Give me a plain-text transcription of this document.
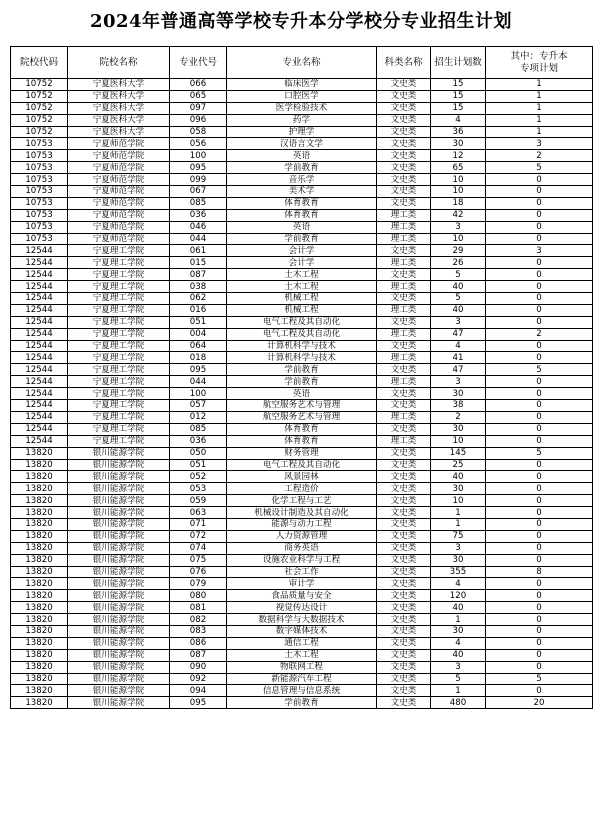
2024年普通高等学校专升本分学校分专业招生计划
院校代码	院校名称	专业代号	专业名称	科类名称	招生计划数	其中：专升本
专项计划
10752	宁夏医科大学	066	临床医学	文史类	15	1
10752	宁夏医科大学	065	口腔医学	文史类	15	1
10752	宁夏医科大学	097	医学检验技术	文史类	15	1
10752	宁夏医科大学	096	药学	文史类	4	1
10752	宁夏医科大学	058	护理学	文史类	36	1
10753	宁夏师范学院	056	汉语言文学	文史类	30	3
10753	宁夏师范学院	100	英语	文史类	12	2
10753	宁夏师范学院	095	学前教育	文史类	65	5
10753	宁夏师范学院	099	音乐学	文史类	10	0
10753	宁夏师范学院	067	美术学	文史类	10	0
10753	宁夏师范学院	085	体育教育	文史类	18	0
10753	宁夏师范学院	036	体育教育	理工类	42	0
10753	宁夏师范学院	046	英语	理工类	3	0
10753	宁夏师范学院	044	学前教育	理工类	10	0
12544	宁夏理工学院	061	会计学	文史类	29	3
12544	宁夏理工学院	015	会计学	理工类	26	0
12544	宁夏理工学院	087	土木工程	文史类	5	0
12544	宁夏理工学院	038	土木工程	理工类	40	0
12544	宁夏理工学院	062	机械工程	文史类	5	0
12544	宁夏理工学院	016	机械工程	理工类	40	0
12544	宁夏理工学院	051	电气工程及其自动化	文史类	3	0
12544	宁夏理工学院	004	电气工程及其自动化	理工类	47	2
12544	宁夏理工学院	064	计算机科学与技术	文史类	4	0
12544	宁夏理工学院	018	计算机科学与技术	理工类	41	0
12544	宁夏理工学院	095	学前教育	文史类	47	5
12544	宁夏理工学院	044	学前教育	理工类	3	0
12544	宁夏理工学院	100	英语	文史类	30	0
12544	宁夏理工学院	057	航空服务艺术与管理	文史类	38	0
12544	宁夏理工学院	012	航空服务艺术与管理	理工类	2	0
12544	宁夏理工学院	085	体育教育	文史类	30	0
12544	宁夏理工学院	036	体育教育	理工类	10	0
13820	银川能源学院	050	财务管理	文史类	145	5
13820	银川能源学院	051	电气工程及其自动化	文史类	25	0
13820	银川能源学院	052	风景园林	文史类	40	0
13820	银川能源学院	053	工程造价	文史类	30	0
13820	银川能源学院	059	化学工程与工艺	文史类	10	0
13820	银川能源学院	063	机械设计制造及其自动化	文史类	1	0
13820	银川能源学院	071	能源与动力工程	文史类	1	0
13820	银川能源学院	072	人力资源管理	文史类	75	0
13820	银川能源学院	074	商务英语	文史类	3	0
13820	银川能源学院	075	设施农业科学与工程	文史类	30	0
13820	银川能源学院	076	社会工作	文史类	355	8
13820	银川能源学院	079	审计学	文史类	4	0
13820	银川能源学院	080	食品质量与安全	文史类	120	0
13820	银川能源学院	081	视觉传达设计	文史类	40	0
13820	银川能源学院	082	数据科学与大数据技术	文史类	1	0
13820	银川能源学院	083	数字媒体技术	文史类	30	0
13820	银川能源学院	086	通信工程	文史类	4	0
13820	银川能源学院	087	土木工程	文史类	40	0
13820	银川能源学院	090	物联网工程	文史类	3	0
13820	银川能源学院	092	新能源汽车工程	文史类	5	5
13820	银川能源学院	094	信息管理与信息系统	文史类	1	0
13820	银川能源学院	095	学前教育	文史类	480	20
